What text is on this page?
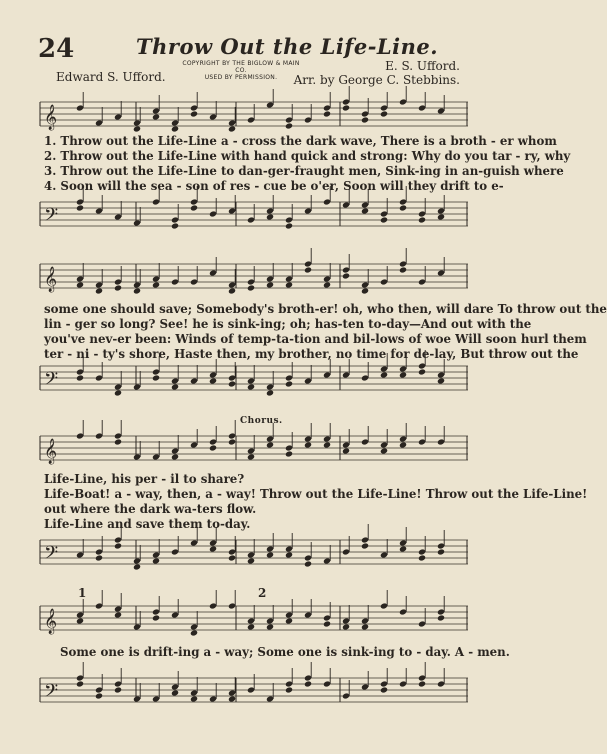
24	Throw Out the Life-Line.
COPYRIGHT BY THE BIGLOW & MAIN CO.
USED BY PERMISSION.
Edward S. Ufford.
E. S. Ufford.
Arr. by George C. Stebbins.
𝄞
𝄢
𝄞
𝄢
𝄞
𝄢
𝄞
𝄢
1. Throw out the Life-Line a - cross the dark wave, There is a broth - er whom
2. Throw out the Life-Line with hand quick and strong: Why do you tar - ry, why
3. Throw out the Life-Line to dan-ger-fraught men, Sink-ing in an-guish where
4. Soon will the sea - son of res - cue be o'er, Soon will they drift to e-
some one should save; Somebody's broth-er! oh, who then, will dare To throw out the
lin - ger so long? See! he is sink-ing; oh; has-ten to-day—And out with the
you've nev-er been: Winds of temp-ta-tion and bil-lows of woe Will soon hurl them
ter - ni - ty's shore, Haste then, my brother, no time for de-lay, But throw out the
Chorus.
Life-Line, his per - il to share?
Life-Boat! a - way, then, a - way! Throw out the Life-Line! Throw out the Life-Line!
out where the dark wa-ters flow.
Life-Line and save them to-day.
Some one is drift-ing a - way; Some one is sink-ing to - day. A - men.
1	2
